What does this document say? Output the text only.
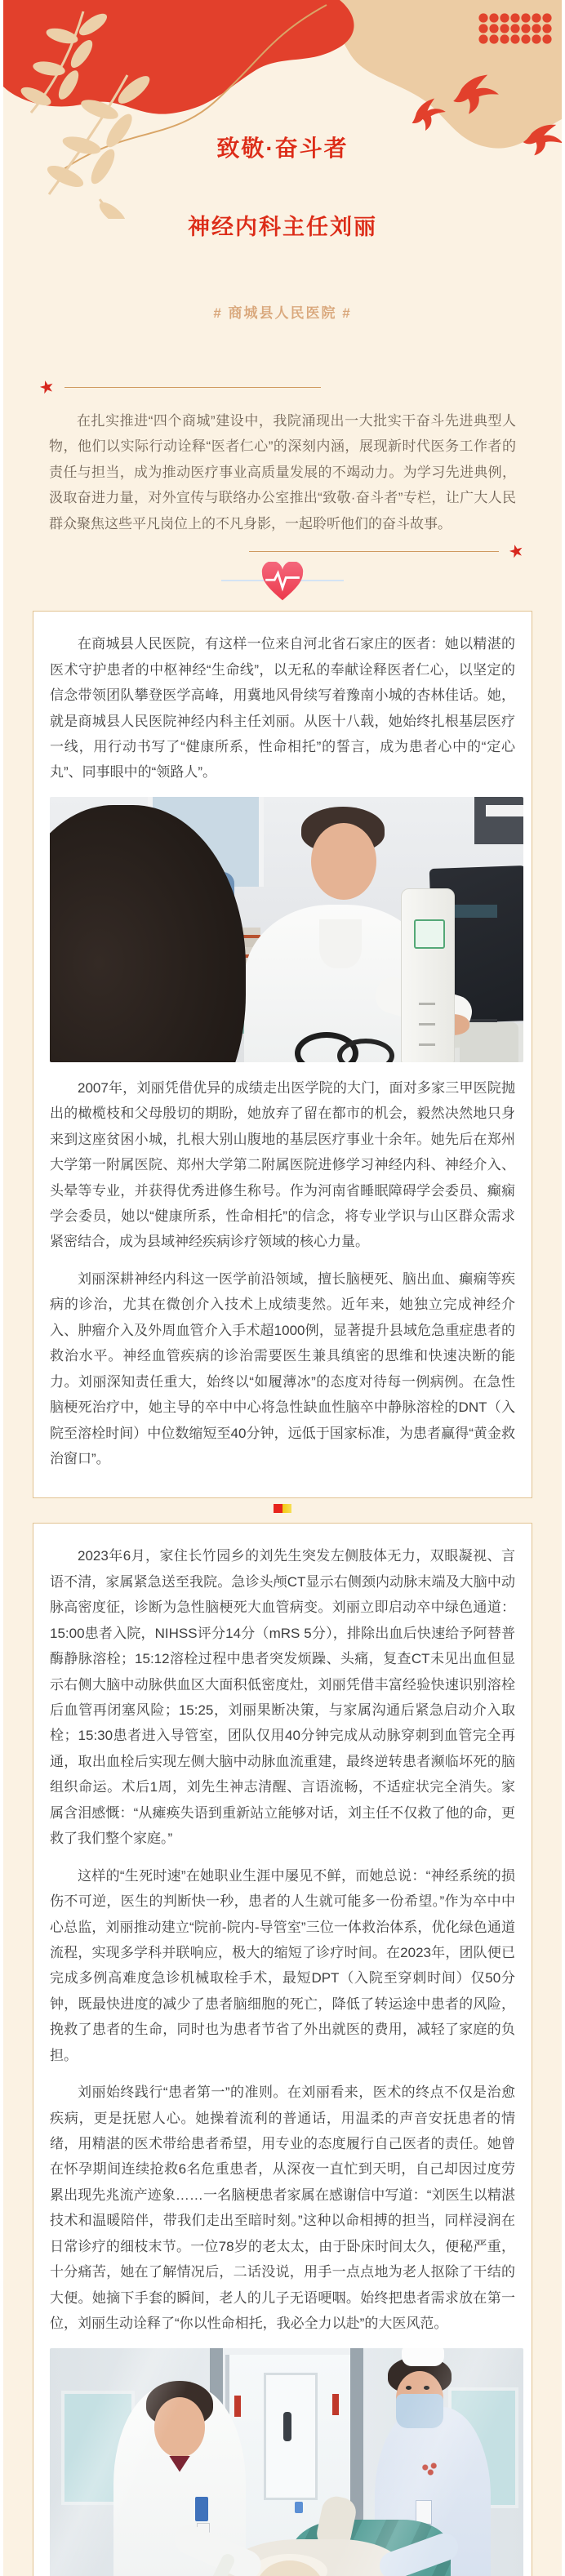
致敬·奋斗者
神经内科主任刘丽
# 商城县人民医院 #
★

在扎实推进“四个商城”建设中，我院涌现出一大批实干奋斗先进典型人物，他们以实际行动诠释“医者仁心”的深刻内涵，展现新时代医务工作者的责任与担当，成为推动医疗事业高质量发展的不竭动力。为学习先进典例，汲取奋进力量，对外宣传与联络办公室推出“致敬·奋斗者”专栏，让广大人民群众聚焦这些平凡岗位上的不凡身影，一起聆听他们的奋斗故事。

★

在商城县人民医院，有这样一位来自河北省石家庄的医者：她以精湛的医术守护患者的中枢神经“生命线”，以无私的奉献诠释医者仁心，以坚定的信念带领团队攀登医学高峰，用冀地风骨续写着豫南小城的杏林佳话。她，就是商城县人民医院神经内科主任刘丽。从医十八载，她始终扎根基层医疗一线，用行动书写了“健康所系，性命相托”的誓言，成为患者心中的“定心丸”、同事眼中的“领路人”。

2007年，刘丽凭借优异的成绩走出医学院的大门，面对多家三甲医院抛出的橄榄枝和父母殷切的期盼，她放弃了留在都市的机会，毅然决然地只身来到这座贫困小城，扎根大别山腹地的基层医疗事业十余年。她先后在郑州大学第一附属医院、郑州大学第二附属医院进修学习神经内科、神经介入、头晕等专业，并获得优秀进修生称号。作为河南省睡眠障碍学会委员、癫痫学会委员，她以“健康所系，性命相托”的信念，将专业学识与山区群众需求紧密结合，成为县域神经疾病诊疗领域的核心力量。

刘丽深耕神经内科这一医学前沿领域，擅长脑梗死、脑出血、癫痫等疾病的诊治，尤其在微创介入技术上成绩斐然。近年来，她独立完成神经介入、肿瘤介入及外周血管介入手术超1000例，显著提升县域危急重症患者的救治水平。神经血管疾病的诊治需要医生兼具缜密的思维和快速决断的能力。刘丽深知责任重大，始终以“如履薄冰”的态度对待每一例病例。在急性脑梗死治疗中，她主导的卒中中心将急性缺血性脑卒中静脉溶栓的DNT（入院至溶栓时间）中位数缩短至40分钟，远低于国家标准，为患者赢得“黄金救治窗口”。

2023年6月，家住长竹园乡的刘先生突发左侧肢体无力，双眼凝视、言语不清，家属紧急送至我院。急诊头颅CT显示右侧颈内动脉末端及大脑中动脉高密度征，诊断为急性脑梗死大血管病变。刘丽立即启动卒中绿色通道：15:00患者入院，NIHSS评分14分（mRS 5分），排除出血后快速给予阿替普酶静脉溶栓；15:12溶栓过程中患者突发烦躁、头痛，复查CT未见出血但显示右侧大脑中动脉供血区大面积低密度灶，刘丽凭借丰富经验快速识别溶栓后血管再闭塞风险；15:25，刘丽果断决策，与家属沟通后紧急启动介入取栓；15:30患者进入导管室，团队仅用40分钟完成从动脉穿刺到血管完全再通，取出血栓后实现左侧大脑中动脉血流重建，最终逆转患者濒临坏死的脑组织命运。术后1周，刘先生神志清醒、言语流畅，不适症状完全消失。家属含泪感慨：“从瘫痪失语到重新站立能够对话，刘主任不仅救了他的命，更救了我们整个家庭。”

这样的“生死时速”在她职业生涯中屡见不鲜，而她总说：“神经系统的损伤不可逆，医生的判断快一秒，患者的人生就可能多一份希望。”作为卒中中心总监，刘丽推动建立“院前-院内-导管室”三位一体救治体系，优化绿色通道流程，实现多学科并联响应，极大的缩短了诊疗时间。在2023年，团队便已完成多例高难度急诊机械取栓手术，最短DPT（入院至穿刺时间）仅50分钟，既最快进度的减少了患者脑细胞的死亡，降低了转运途中患者的风险，挽救了患者的生命，同时也为患者节省了外出就医的费用，减轻了家庭的负担。

刘丽始终践行“患者第一”的准则。在刘丽看来，医术的终点不仅是治愈疾病，更是抚慰人心。她操着流利的普通话，用温柔的声音安抚患者的情绪，用精湛的医术带给患者希望，用专业的态度履行自己医者的责任。她曾在怀孕期间连续抢救6名危重患者，从深夜一直忙到天明，自己却因过度劳累出现先兆流产迹象……一名脑梗患者家属在感谢信中写道：“刘医生以精湛技术和温暖陪伴，带我们走出至暗时刻。”这种以命相搏的担当，同样浸润在日常诊疗的细枝末节。一位78岁的老太太，由于卧床时间太久，便秘严重，十分痛苦，她在了解情况后，二话没说，用手一点点地为老人抠除了干结的大便。她摘下手套的瞬间，老人的儿子无语哽咽。始终把患者需求放在第一位，刘丽生动诠释了“你以性命相托，我必全力以赴”的大医风范。
